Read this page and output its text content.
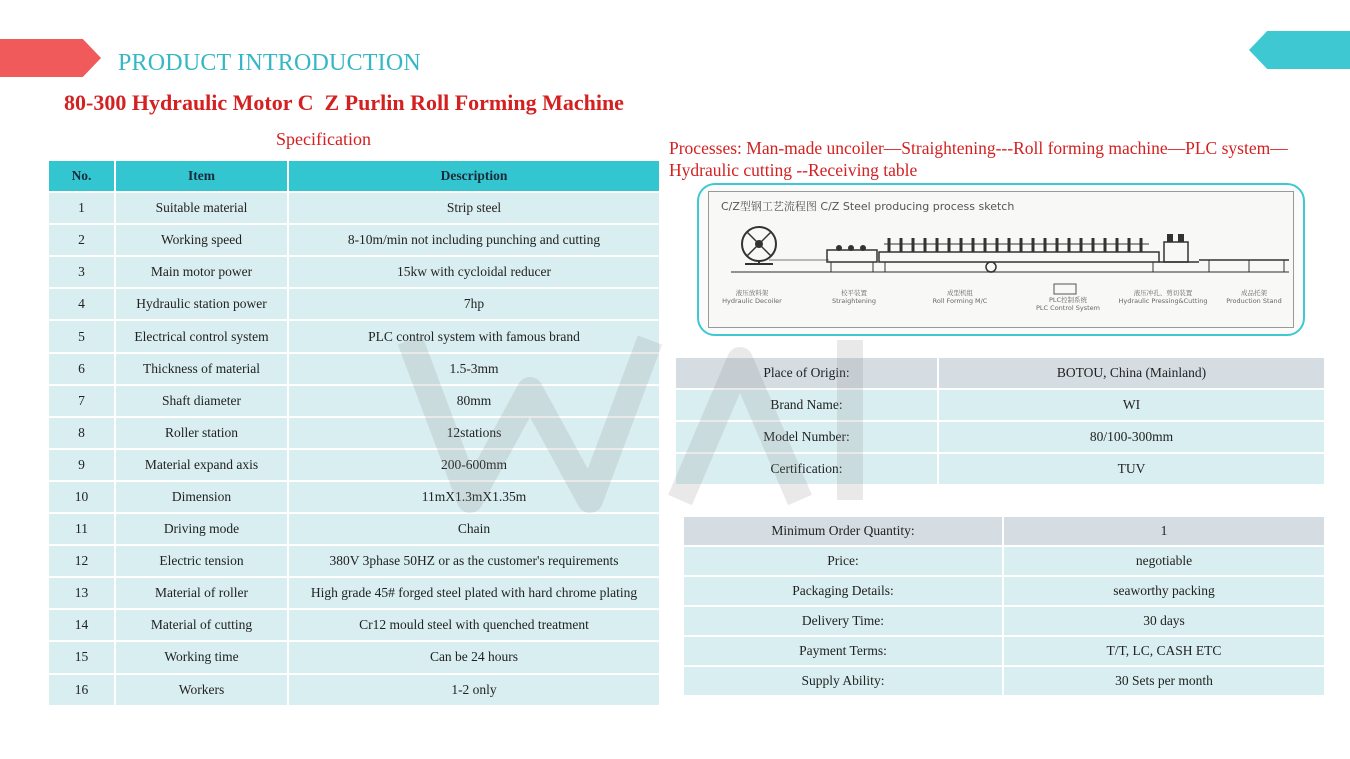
PRODUCT INTRODUCTION
80-300 Hydraulic Motor C  Z Purlin Roll Forming Machine
Specification	Processes: Man-made uncoiler—Straightening---Roll forming machine—PLC system—Hydraulic cutting --Receiving table
No.	Item	Description
1	Suitable material	Strip steel
2	Working speed	8-10m/min not including punching and cutting
3	Main motor power	15kw with cycloidal reducer
4	Hydraulic station power	7hp
5	Electrical control system	PLC control system with famous brand
6	Thickness of material	1.5-3mm
7	Shaft diameter	80mm
8	Roller station	12stations
9	Material expand axis	200-600mm
10	Dimension	11mX1.3mX1.35m
11	Driving mode	Chain
12	Electric tension	380V 3phase 50HZ or as the customer's requirements
13	Material of roller	High grade 45# forged steel plated with hard chrome plating
14	Material of cutting	Cr12 mould steel with quenched treatment
15	Working time	Can be 24 hours
16	Workers	1-2 only
C/Z型钢工艺流程图 C/Z Steel producing process sketch
液压放料架
Hydraulic Decoiler
校平装置
Straightening
成型机组
Roll Forming M/C	PLC控制系统
PLC Control System
液压冲孔、剪切装置
Hydraulic Pressing&Cutting
成品托架
Production Stand
Place of Origin:	BOTOU, China (Mainland)
Brand Name:	WI
Model Number:	80/100-300mm
Certification:	TUV
Minimum Order Quantity:	1
Price:	negotiable
Packaging Details:	seaworthy packing
Delivery Time:	30 days
Payment Terms:	T/T, LC, CASH ETC
Supply Ability:	30 Sets per month
